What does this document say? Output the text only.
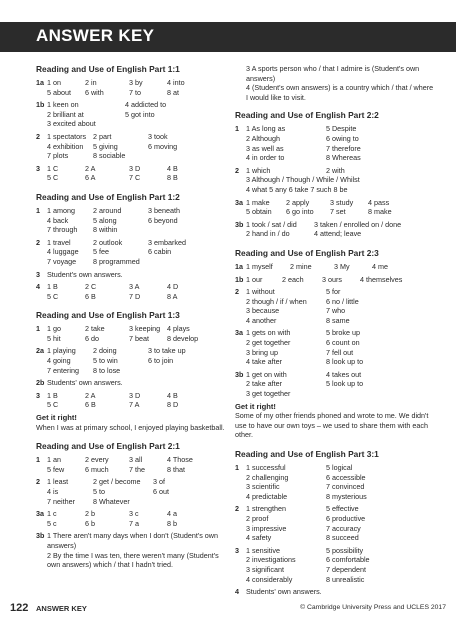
ANSWER KEY
Reading and Use of English Part 1:1
1a 1 on	2 in	3 by	4 into
5 about	6 with	7 to	8 at
1b 1 keen on	4 addicted to
2 brilliant at	5 got into
3 excited about
2 1 spectators 2 part	3 took
4 exhibition	5 giving	6 moving
7 plots	8 sociable
3 1 C	2 A	3 D	4 B
5 C	6 A	7 C	8 B
Reading and Use of English Part 1:2
1 1 among	2 around	3 beneath
4 back	5 along	6 beyond
7 through	8 within
2 1 travel	2 outlook	3 embarked
4 luggage	5 fee	6 cabin
7 voyage	8 programmed
3 Student's own answers.
4 1 B	2 C	3 A	4 D
5 C	6 B	7 D	8 A
Reading and Use of English Part 1:3
1 1 go	2 take	3 keeping 4 plays
5 hit	6 do	7 beat	8 develop
2a 1 playing	2 doing	3 to take up
4 going	5 to win	6 to join
7 entering	8 to lose
2b Students' own answers.
3 1 B	2 A	3 D	4 B
5 C	6 B	7 A	8 D
Get it right!
When I was at primary school, I enjoyed playing basketball.
Reading and Use of English Part 2:1
1 1 an	2 every	3 all	4 Those
5 few	6 much	7 the	8 that
2 1 least	2 get / become	3 of
4 is	5 to	6 out
7 neither	8 Whatever
3a 1 c	2 b	3 c	4 a
5 c	6 b	7 a	8 b
3b 1 There aren't many days when I don't (Student's own answers)
2 By the time I was ten, there weren't many (Student's own answers) which / that I hadn't tried.
3 A sports person who / that I admire is (Student's own answers)
4 (Student's own answers) is a country which / that / where I would like to visit.
Reading and Use of English Part 2:2
1 1 As long as	5 Despite
2 Although	6 owing to
3 as well as	7 therefore
4 in order to	8 Whereas
2 1 which	2 with
3 Although / Though / While / Whilst
4 what 5 any 6 take 7 such 8 be
3a 1 make	2 apply	3 study	4 pass
5 obtain	6 go into	7 set	8 make
3b 1 took / sat / did	3 taken / enrolled on / done
2 hand in / do	4 attend; leave
Reading and Use of English Part 2:3
1a 1 myself	2 mine	3 My	4 me
1b 1 our	2 each	3 ours	4 themselves
2 1 without	5 for
2 though / if / when	6 no / little
3 because	7 who
4 another	8 same
3a 1 gets on with	5 broke up
2 get together	6 count on
3 bring up	7 fell out
4 take after	8 look up to
3b 1 get on with	4 takes out
2 take after	5 look up to
3 get together
Get it right!
Some of my other friends phoned and wrote to me. We didn't use to have our own toys – we used to share them with each other.
Reading and Use of English Part 3:1
1 1 successful	5 logical
2 challenging	6 accessible
3 scientific	7 convinced
4 predictable	8 mysterious
2 1 strengthen	5 effective
2 proof	6 productive
3 impressive	7 accuracy
4 safety	8 succeed
3 1 sensitive	5 possibility
2 investigations	6 comfortable
3 significant	7 dependent
4 considerably	8 unrealistic
4 Students' own answers.
122 ANSWER KEY	© Cambridge University Press and UCLES 2017
